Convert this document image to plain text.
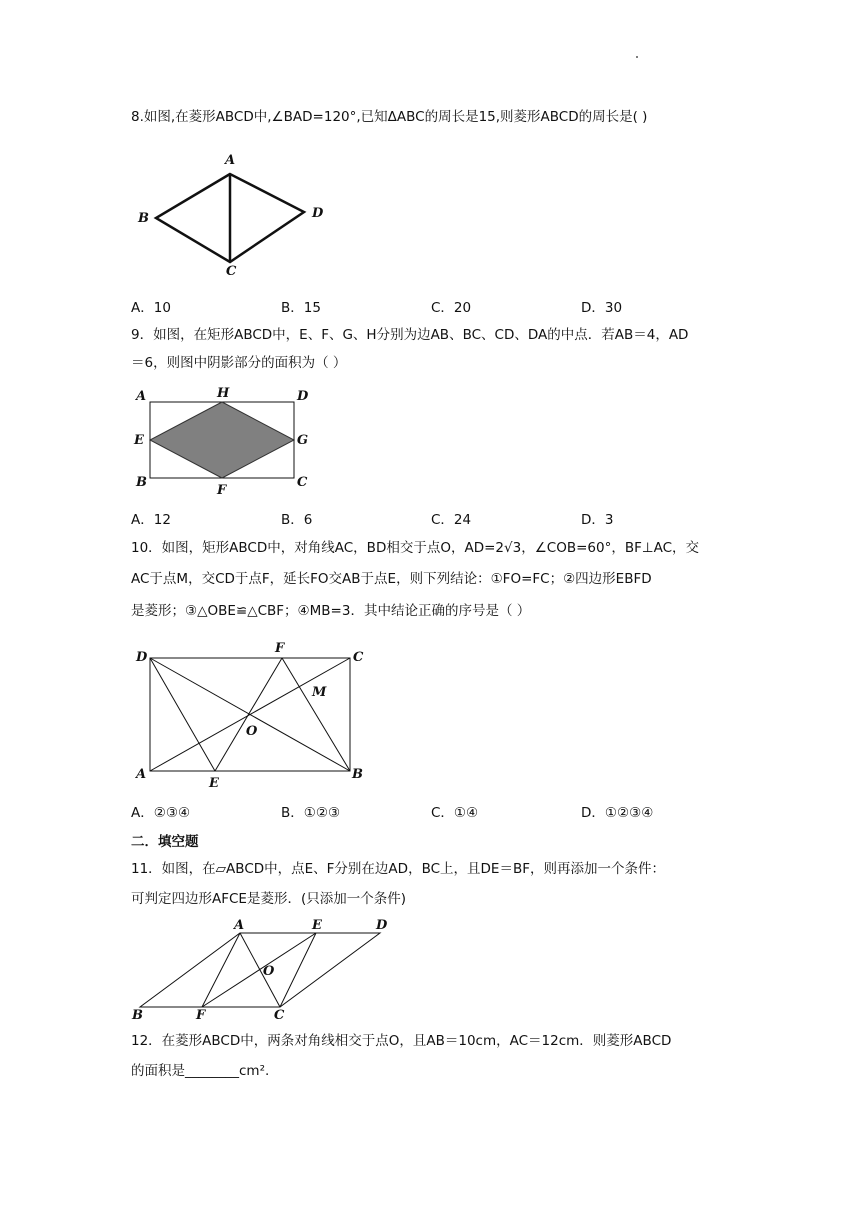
8.如图,在菱形ABCD中,∠BAD=120°,已知ΔABC的周长是15,则菱形ABCD的周长是( )
A
B
C
D
A．10	B．15	C．20	D．30
9．如图，在矩形ABCD中，E、F、G、H分别为边AB、BC、CD、DA的中点．若AB＝4，AD
＝6，则图中阴影部分的面积为（ ）
A	H	D
E	G
B
F
C
A．12	B．6	C．24	D．3
10．如图，矩形ABCD中，对角线AC，BD相交于点O，AD=2√3，∠COB=60°，BF⊥AC，交
AC于点M，交CD于点F，延长FO交AB于点E，则下列结论：①FO=FC；②四边形EBFD
是菱形；③△OBE≌△CBF；④MB=3．其中结论正确的序号是（ ）
D
F
C
M
O
A
E
B
A．②③④	B．①②③	C．①④	D．①②③④
二．填空题
11．如图，在▱ABCD中，点E、F分别在边AD，BC上，且DE＝BF，则再添加一个条件：
可判定四边形AFCE是菱形．(只添加一个条件)
A	E	D
O
B	F	C
12．在菱形ABCD中，两条对角线相交于点O，且AB＝10cm，AC＝12cm．则菱形ABCD
的面积是________cm².
